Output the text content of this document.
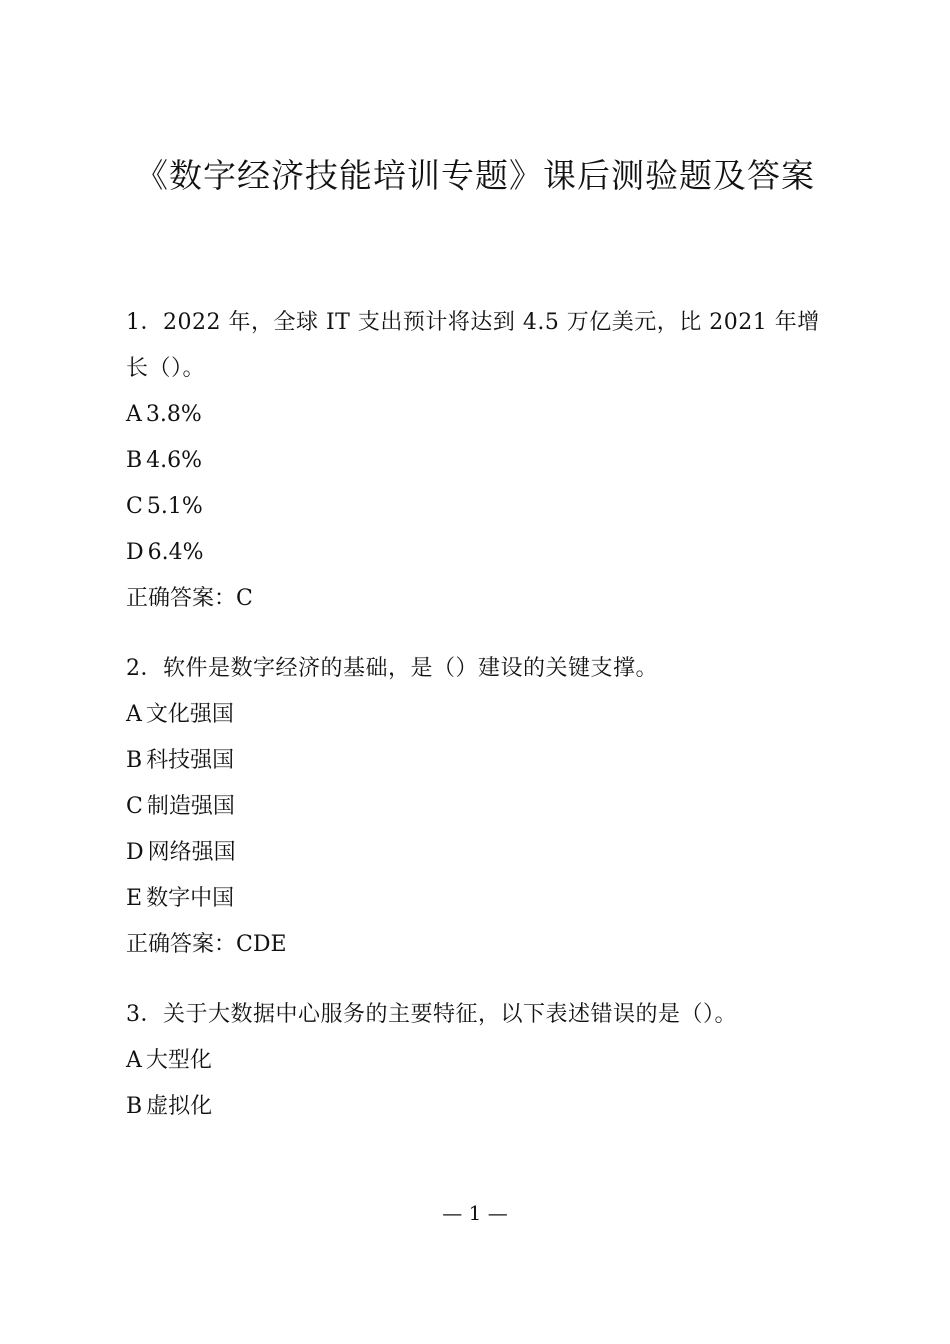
《数字经济技能培训专题》课后测验题及答案
1．2022 年，全球 IT 支出预计将达到 4.5 万亿美元，比 2021 年增长（）。
A 3.8%
B 4.6%
C 5.1%
D 6.4%
正确答案：C
2．软件是数字经济的基础，是（）建设的关键支撑。
A 文化强国
B 科技强国
C 制造强国
D 网络强国
E 数字中国
正确答案：CDE
3．关于大数据中心服务的主要特征，以下表述错误的是（）。
A 大型化
B 虚拟化
— 1 —
